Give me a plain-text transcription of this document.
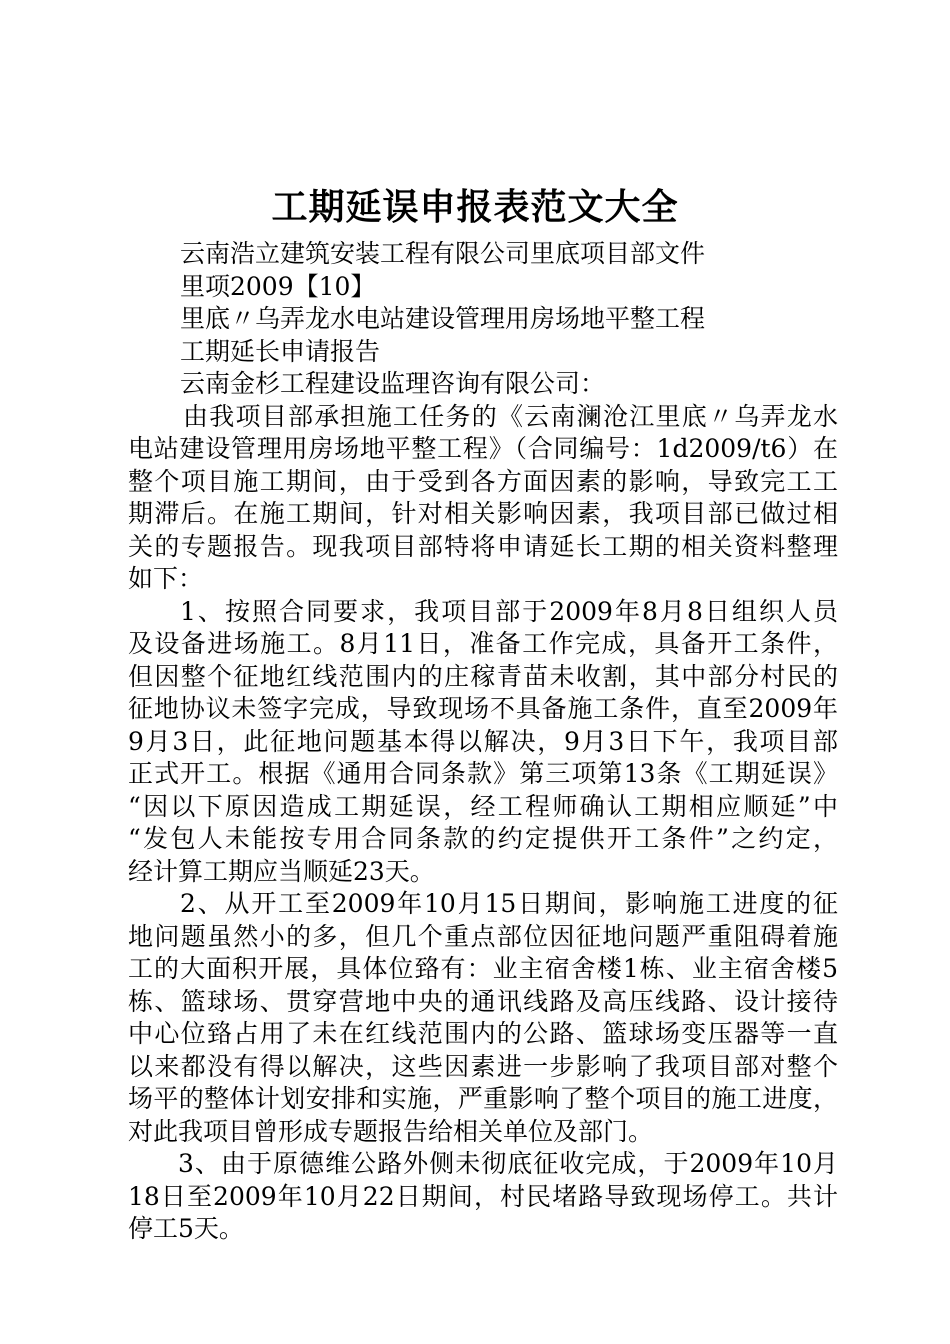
工期延误申报表范文大全
云南浩立建筑安装工程有限公司里底项目部文件
里项2009【10】
里底〃乌弄龙水电站建设管理用房场地平整工程
工期延长申请报告
云南金杉工程建设监理咨询有限公司：
由我项目部承担施工任务的《云南澜沧江里底〃乌弄龙水
电站建设管理用房场地平整工程》（合同编号：1d2009/t6）在
整个项目施工期间，由于受到各方面因素的影响，导致完工工
期滞后。在施工期间，针对相关影响因素，我项目部已做过相
关的专题报告。现我项目部特将申请延长工期的相关资料整理
如下：
1、按照合同要求，我项目部于2009年8月8日组织人员
及设备进场施工。8月11日，准备工作完成，具备开工条件，
但因整个征地红线范围内的庄稼青苗未收割，其中部分村民的
征地协议未签字完成，导致现场不具备施工条件，直至2009年
9月3日，此征地问题基本得以解决，9月3日下午，我项目部
正式开工。根据《通用合同条款》第三项第13条《工期延误》
“因以下原因造成工期延误，经工程师确认工期相应顺延”中
“发包人未能按专用合同条款的约定提供开工条件”之约定，
经计算工期应当顺延23天。
2、从开工至2009年10月15日期间，影响施工进度的征
地问题虽然小的多，但几个重点部位因征地问题严重阻碍着施
工的大面积开展，具体位臵有：业主宿舍楼1栋、业主宿舍楼5
栋、篮球场、贯穿营地中央的通讯线路及高压线路、设计接待
中心位臵占用了未在红线范围内的公路、篮球场变压器等一直
以来都没有得以解决，这些因素进一步影响了我项目部对整个
场平的整体计划安排和实施，严重影响了整个项目的施工进度，
对此我项目曾形成专题报告给相关单位及部门。
3、由于原德维公路外侧未彻底征收完成，于2009年10月
18日至2009年10月22日期间，村民堵路导致现场停工。共计
停工5天。
